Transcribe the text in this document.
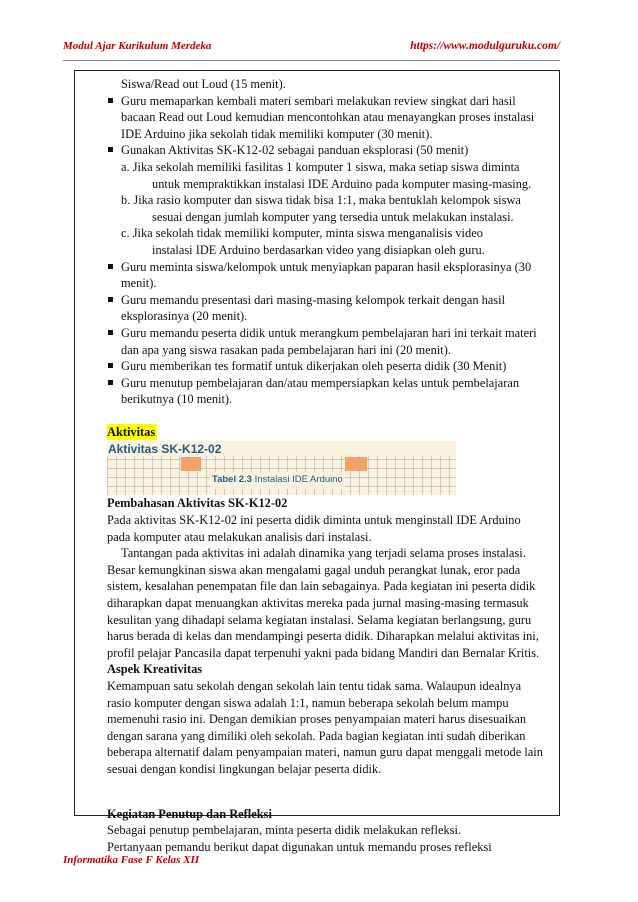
Modul Ajar Kurikulum Merdeka	https://www.modulguruku.com/

Siswa/Read out Loud (15 menit).

Guru memaparkan kembali materi sembari melakukan review singkat dari hasil bacaan Read out Loud kemudian mencontohkan atau menayangkan proses instalasi IDE Arduino jika sekolah tidak memiliki komputer (30 menit).
Gunakan Aktivitas SK-K12-02 sebagai panduan eksplorasi (50 menit)
a. Jika sekolah memiliki fasilitas 1 komputer 1 siswa, maka setiap siswa diminta
untuk mempraktikkan instalasi IDE Arduino pada komputer masing-masing.
b. Jika rasio komputer dan siswa tidak bisa 1:1, maka bentuklah kelompok siswa
sesuai dengan jumlah komputer yang tersedia untuk melakukan instalasi.
c. Jika sekolah tidak memiliki komputer, minta siswa menganalisis video
instalasi IDE Arduino berdasarkan video yang disiapkan oleh guru.
Guru meminta siswa/kelompok untuk menyiapkan paparan hasil eksplorasinya (30 menit).
Guru memandu presentasi dari masing-masing kelompok terkait dengan hasil eksplorasinya (20 menit).
Guru memandu peserta didik untuk merangkum pembelajaran hari ini terkait materi dan apa yang siswa rasakan pada pembelajaran hari ini (20 menit).
Guru memberikan tes formatif untuk dikerjakan oleh peserta didik (30 Menit)
Guru menutup pembelajaran dan/atau mempersiapkan kelas untuk pembelajaran berikutnya (10 menit).
Aktivitas
Aktivitas SK-K12-02
Tabel 2.3 Instalasi IDE Arduino

Pembahasan Aktivitas SK-K12-02

Pada aktivitas SK-K12-02 ini peserta didik diminta untuk menginstall IDE Arduino pada komputer atau melakukan analisis dari instalasi.

Tantangan pada aktivitas ini adalah dinamika yang terjadi selama proses instalasi. Besar kemungkinan siswa akan mengalami gagal unduh perangkat lunak, eror pada sistem, kesalahan penempatan file dan lain sebagainya. Pada kegiatan ini peserta didik diharapkan dapat menuangkan aktivitas mereka pada jurnal masing-masing termasuk kesulitan yang dihadapi selama kegiatan instalasi. Selama kegiatan berlangsung, guru harus berada di kelas dan mendampingi peserta didik. Diharapkan melalui aktivitas ini, profil pelajar Pancasila dapat terpenuhi yakni pada bidang Mandiri dan Bernalar Kritis.

Aspek Kreativitas

Kemampuan satu sekolah dengan sekolah lain tentu tidak sama. Walaupun idealnya rasio komputer dengan siswa adalah 1:1, namun beberapa sekolah belum mampu memenuhi rasio ini. Dengan demikian proses penyampaian materi harus disesuaikan dengan sarana yang dimiliki oleh sekolah. Pada bagian kegiatan inti sudah diberikan beberapa alternatif dalam penyampaian materi, namun guru dapat menggali metode lain sesuai dengan kondisi lingkungan belajar peserta didik.

Kegiatan Penutup dan Refleksi

Sebagai penutup pembelajaran, minta peserta didik melakukan refleksi.

Pertanyaan pemandu berikut dapat digunakan untuk memandu proses refleksi

Informatika Fase F Kelas XII
